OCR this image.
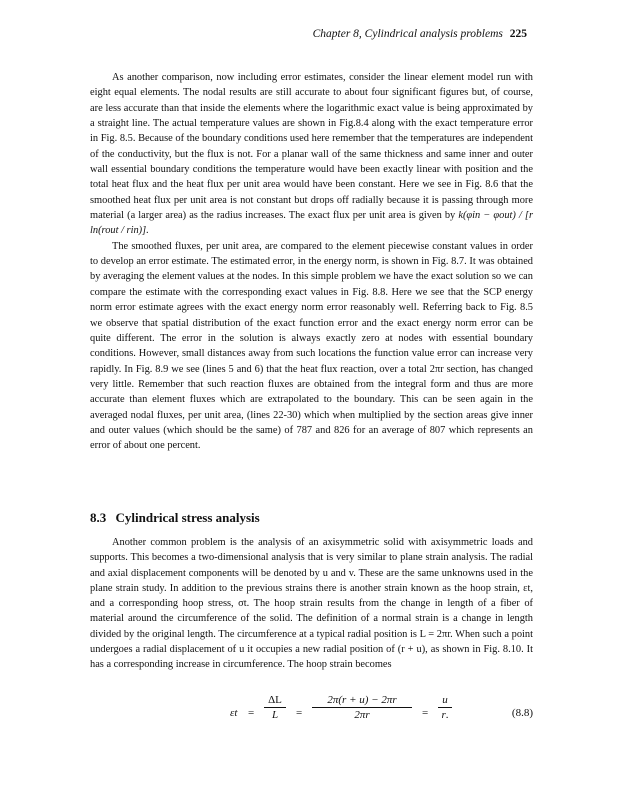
Chapter 8, Cylindrical analysis problems 225

As another comparison, now including error estimates, consider the linear element model run with eight equal elements. The nodal results are still accurate to about four significant figures but, of course, are less accurate than that inside the elements where the logarithmic exact value is being approximated by a straight line. The actual temperature values are shown in Fig.8.4 along with the exact temperature error in Fig. 8.5. Because of the boundary conditions used here remember that the temperatures are independent of the conductivity, but the flux is not. For a planar wall of the same thickness and same inner and outer wall essential boundary conditions the temperature would have been exactly linear with position and the total heat flux and the heat flux per unit area would have been constant. Here we see in Fig. 8.6 that the smoothed heat flux per unit area is not constant but drops off radially because it is passing through more material (a larger area) as the radius increases. The exact flux per unit area is given by k(φin − φout) / [r ln(rout / rin)].

The smoothed fluxes, per unit area, are compared to the element piecewise constant values in order to develop an error estimate. The estimated error, in the energy norm, is shown in Fig. 8.7. It was obtained by averaging the element values at the nodes. In this simple problem we have the exact solution so we can compare the estimate with the corresponding exact values in Fig. 8.8. Here we see that the SCP energy norm error estimate agrees with the exact energy norm error reasonably well. Referring back to Fig. 8.5 we observe that spatial distribution of the exact function error and the exact energy norm error can be quite different. The error in the solution is always exactly zero at nodes with essential boundary conditions. However, small distances away from such locations the function value error can increase very rapidly. In Fig. 8.9 we see (lines 5 and 6) that the heat flux reaction, over a total 2πr section, has changed very little. Remember that such reaction fluxes are obtained from the integral form and thus are more accurate than element fluxes which are extrapolated to the boundary. This can be seen again in the averaged nodal fluxes, per unit area, (lines 22-30) which when multiplied by the section areas give inner and outer values (which should be the same) of 787 and 826 for an average of 807 which represents an error of about one percent.

8.3 Cylindrical stress analysis

Another common problem is the analysis of an axisymmetric solid with axisymmetric loads and supports. This becomes a two-dimensional analysis that is very similar to plane strain analysis. The radial and axial displacement components will be denoted by u and v. These are the same unknowns used in the plane strain study. In addition to the previous strains there is another strain known as the hoop strain, εt, and a corresponding hoop stress, σt. The hoop strain results from the change in length of a fiber of material around the circumference of the solid. The definition of a normal strain is a change in length divided by the original length. The circumference at a typical radial position is L = 2πr. When such a point undergoes a radial displacement of u it occupies a new radial position of (r + u), as shown in Fig. 8.10. It has a corresponding increase in circumference. The hoop strain becomes

$\varepsilon t = \frac{\Delta L}{L} = \frac{2\pi(r + u) - 2\pi r}{2\pi r} = \frac{u}{r.}$	(8.8)
